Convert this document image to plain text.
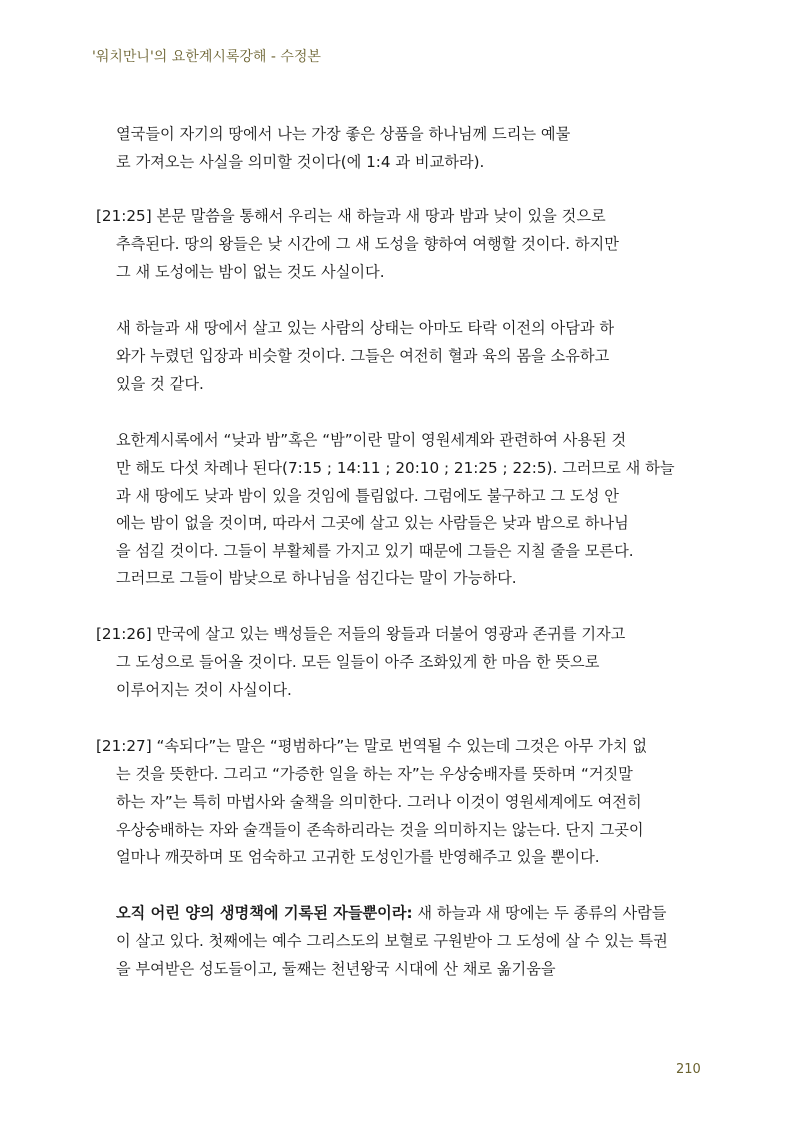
'워치만니'의 요한계시록강해 - 수정본
열국들이 자기의 땅에서 나는 가장 좋은 상품을 하나님께 드리는 예물
로 가져오는 사실을 의미할 것이다(에 1:4 과 비교하라).
[21:25] 본문 말씀을 통해서 우리는 새 하늘과 새 땅과 밤과 낮이 있을 것으로
추측된다. 땅의 왕들은 낮 시간에 그 새 도성을 향하여 여행할 것이다. 하지만
그 새 도성에는 밤이 없는 것도 사실이다.
새 하늘과 새 땅에서 살고 있는 사람의 상태는 아마도 타락 이전의 아담과 하
와가 누렸던 입장과 비슷할 것이다. 그들은 여전히 혈과 육의 몸을 소유하고
있을 것 같다.
요한계시록에서 “낮과 밤”혹은 “밤”이란 말이 영원세계와 관련하여 사용된 것
만 해도 다섯 차례나 된다(7:15 ; 14:11 ; 20:10 ; 21:25 ; 22:5). 그러므로 새 하늘
과 새 땅에도 낮과 밤이 있을 것임에 틀림없다. 그럼에도 불구하고 그 도성 안
에는 밤이 없을 것이며, 따라서 그곳에 살고 있는 사람들은 낮과 밤으로 하나님
을 섬길 것이다. 그들이 부활체를 가지고 있기 때문에 그들은 지칠 줄을 모른다.
그러므로 그들이 밤낮으로 하나님을 섬긴다는 말이 가능하다.
[21:26] 만국에 살고 있는 백성들은 저들의 왕들과 더불어 영광과 존귀를 기자고
그 도성으로 들어올 것이다. 모든 일들이 아주 조화있게 한 마음 한 뜻으로
이루어지는 것이 사실이다.
[21:27] “속되다”는 말은 “평범하다”는 말로 번역될 수 있는데 그것은 아무 가치 없
는 것을 뜻한다. 그리고 “가증한 일을 하는 자”는 우상숭배자를 뜻하며 “거짓말
하는 자”는 특히 마법사와 술책을 의미한다. 그러나 이것이 영원세계에도 여전히
우상숭배하는 자와 술객들이 존속하리라는 것을 의미하지는 않는다. 단지 그곳이
얼마나 깨끗하며 또 엄숙하고 고귀한 도성인가를 반영해주고 있을 뿐이다.
오직 어린 양의 생명책에 기록된 자들뿐이라: 새 하늘과 새 땅에는 두 종류의 사람들
이 살고 있다. 첫째에는 예수 그리스도의 보혈로 구원받아 그 도성에 살 수 있는 특권
을 부여받은 성도들이고, 둘째는 천년왕국 시대에 산 채로 옮기움을
210
